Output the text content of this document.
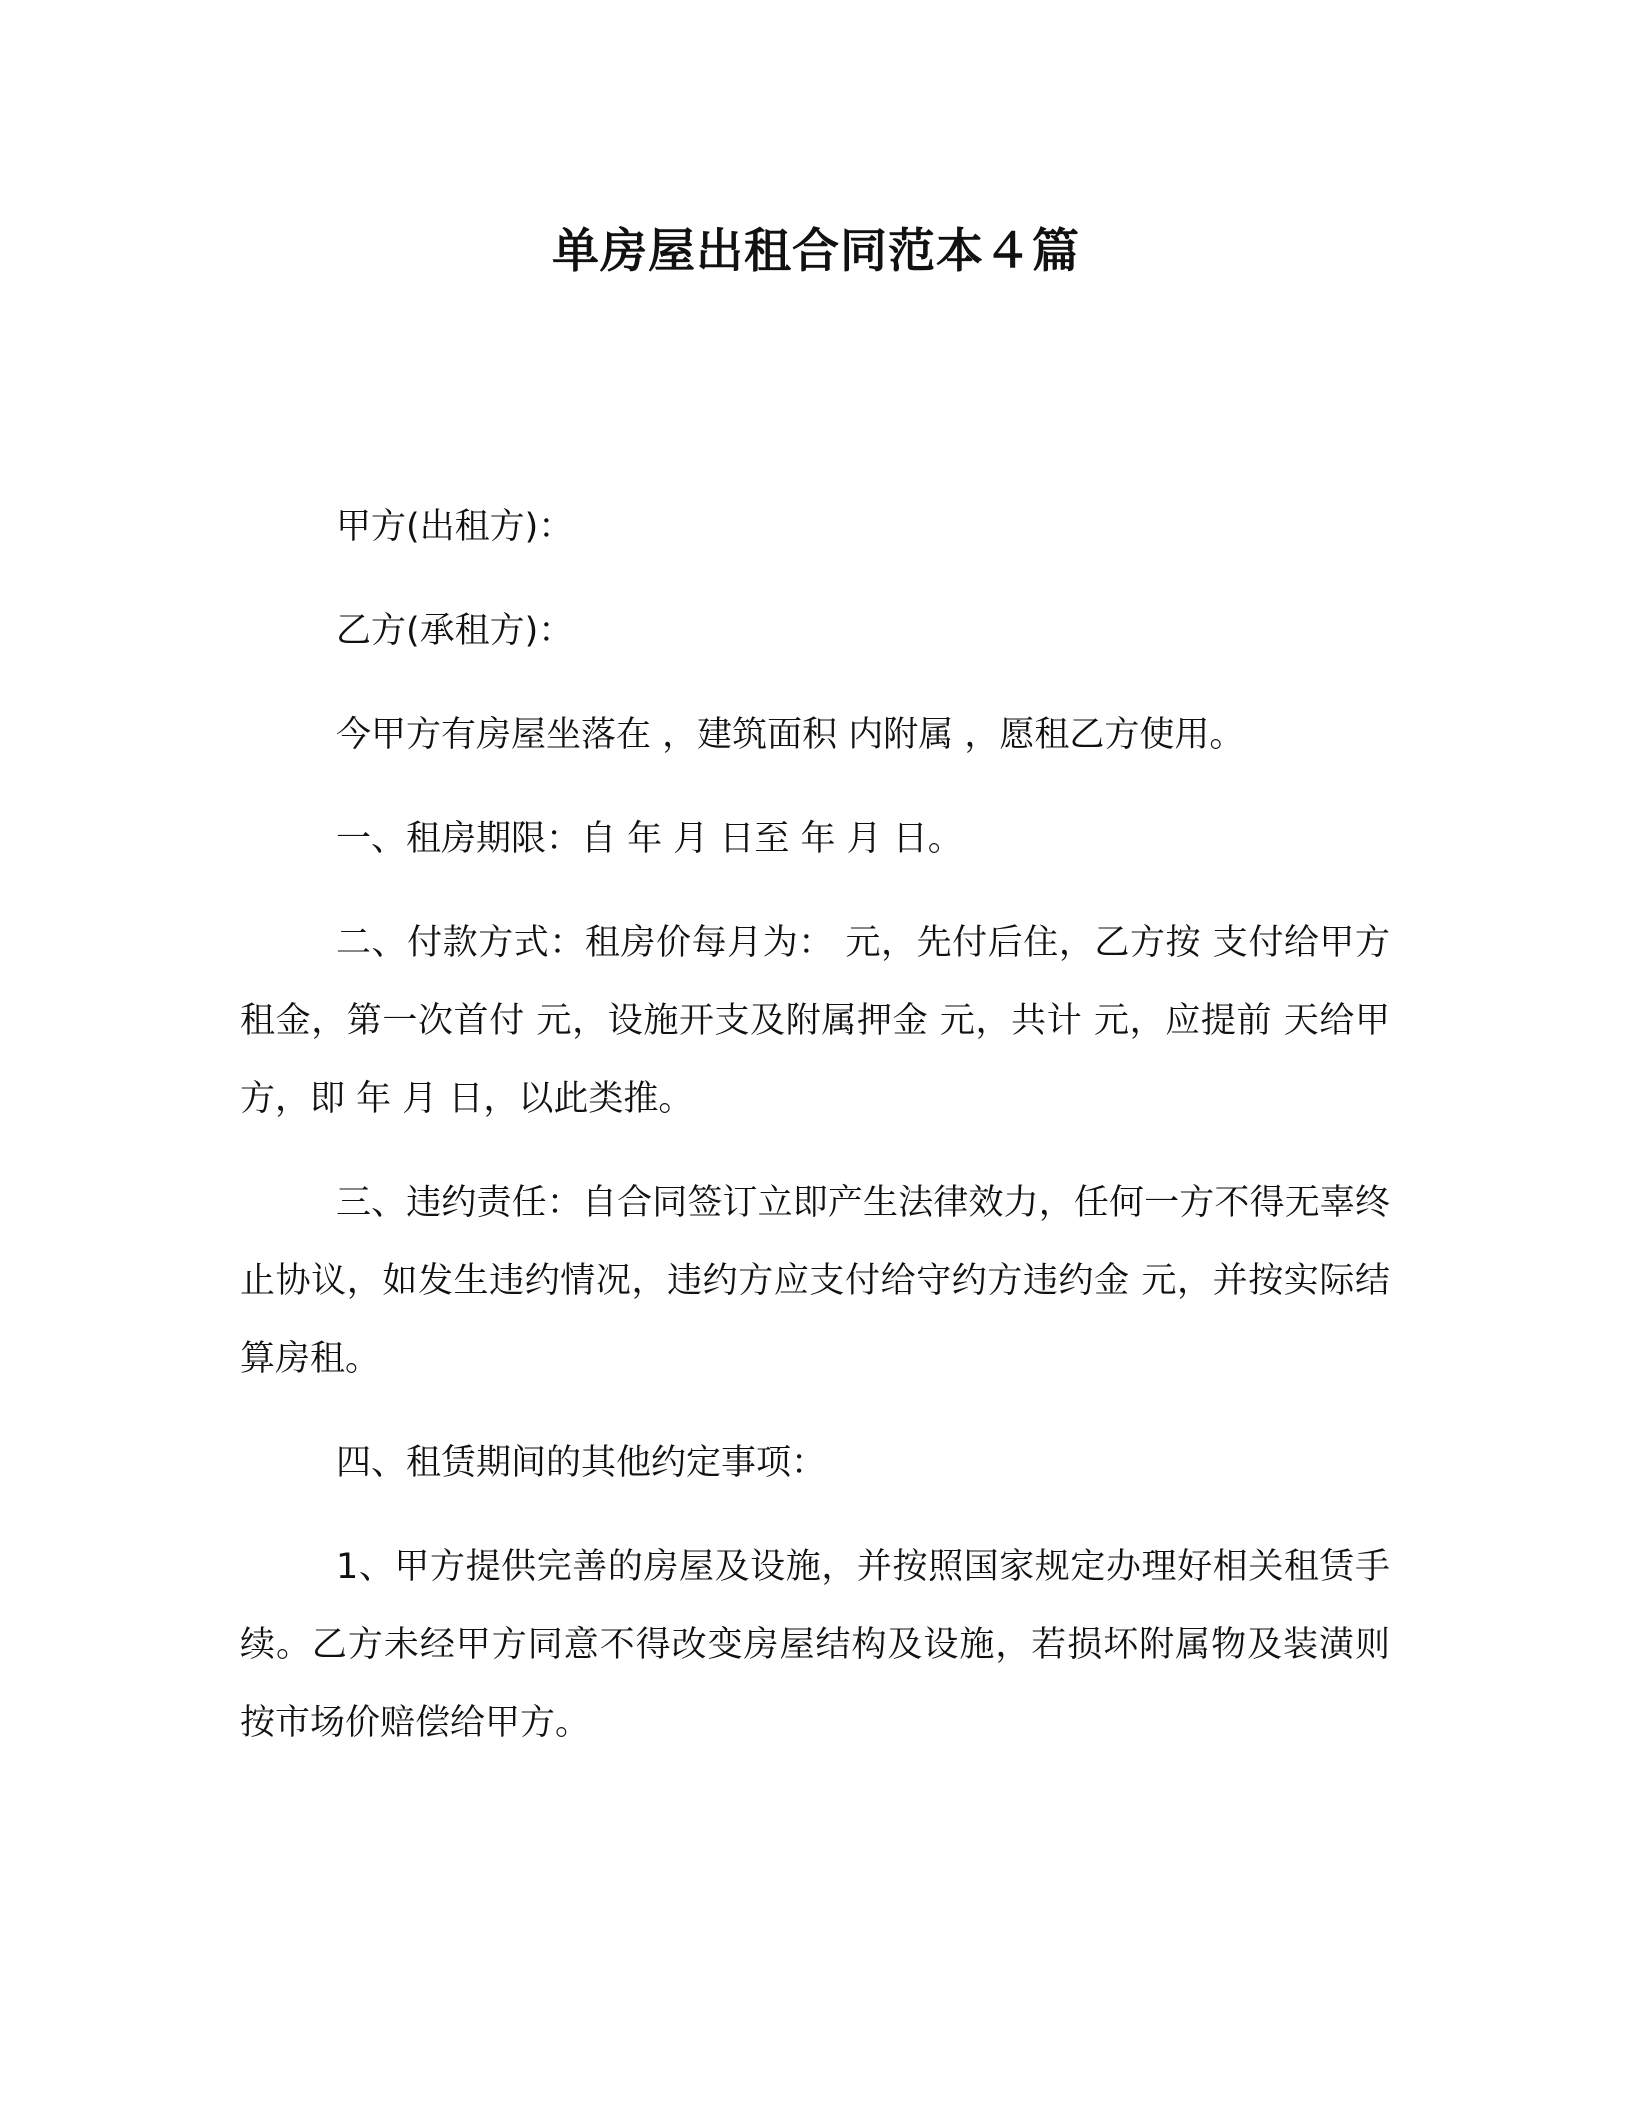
单房屋出租合同范本４篇

甲方(出租方)：

乙方(承租方)：

今甲方有房屋坐落在 ，建筑面积 内附属 ，愿租乙方使用。

一、租房期限：自 年 月 日至 年 月 日。

二、付款方式：租房价每月为： 元，先付后住，乙方按 支付给甲方租金，第一次首付 元，设施开支及附属押金 元，共计 元，应提前 天给甲方，即 年 月 日，以此类推。

三、违约责任：自合同签订立即产生法律效力，任何一方不得无辜终止协议，如发生违约情况，违约方应支付给守约方违约金 元，并按实际结算房租。

四、租赁期间的其他约定事项：

1、甲方提供完善的房屋及设施，并按照国家规定办理好相关租赁手续。乙方未经甲方同意不得改变房屋结构及设施，若损坏附属物及装潢则按市场价赔偿给甲方。
